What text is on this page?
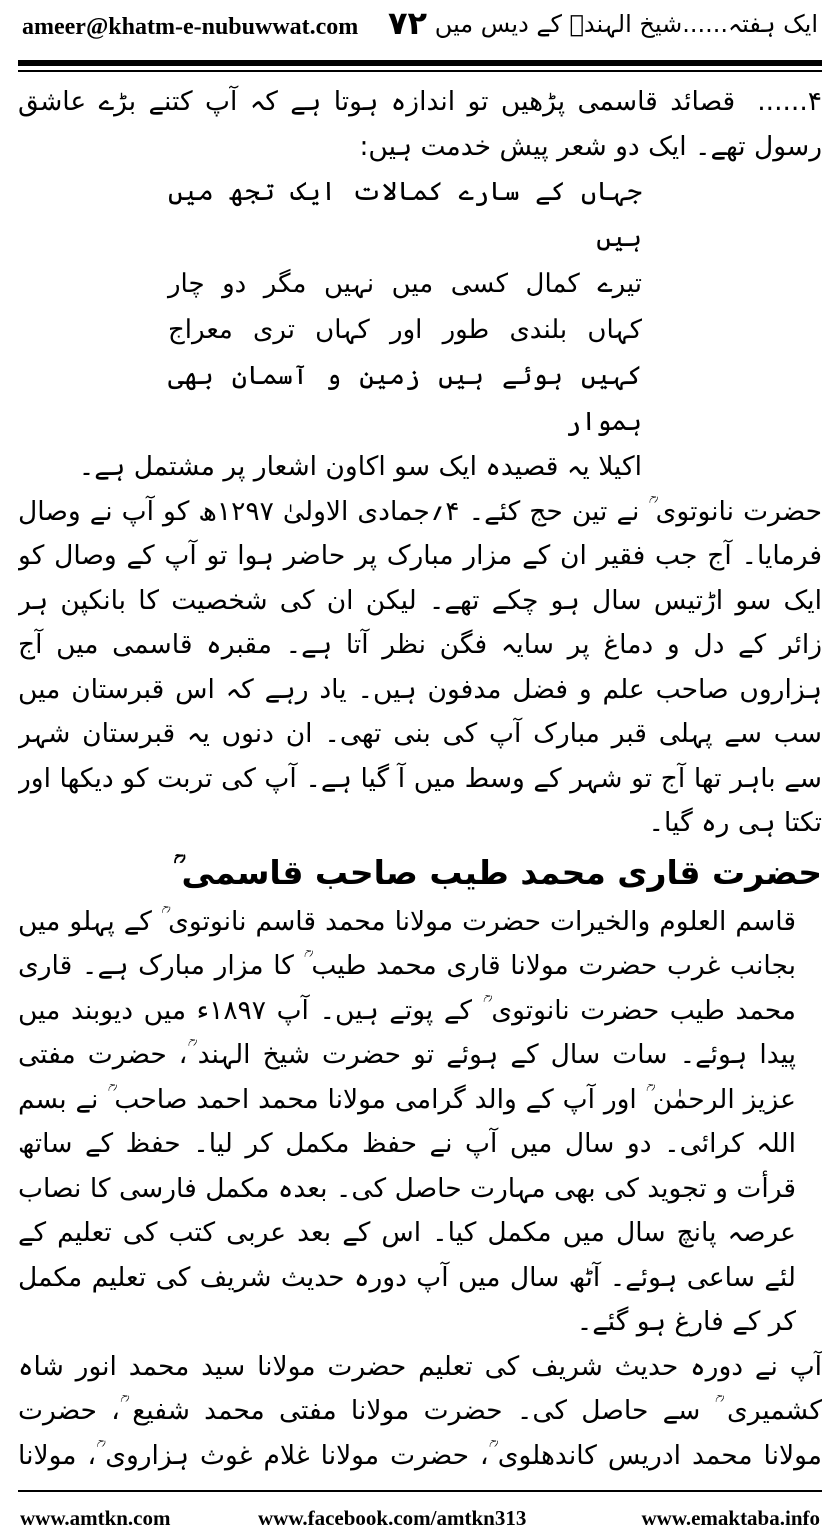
ameer@khatm-e-nubuwwat.com ۷۲ ایک ہفتہ......شیخ الہندؒ کے دیس میں

۴......قصائد قاسمی پڑھیں تو اندازہ ہوتا ہے کہ آپ کتنے بڑے عاشق رسول تھے۔ ایک دو شعر پیش خدمت ہیں:

جہاں کے سارے کمالات ایک تجھ میں ہیں

تیرے کمال کسی میں نہیں مگر دو چار

کہاں بلندی طور اور کہاں تری معراج

کہیں ہوئے ہیں زمین و آسمان بھی ہموار

اکیلا یہ قصیدہ ایک سو اکاون اشعار پر مشتمل ہے۔

حضرت نانوتوی ؒ نے تین حج کئے۔ ۴؍جمادی الاولیٰ ۱۲۹۷ھ کو آپ نے وصال فرمایا۔ آج جب فقیر ان کے مزار مبارک پر حاضر ہوا تو آپ کے وصال کو ایک سو اڑتیس سال ہو چکے تھے۔ لیکن ان کی شخصیت کا بانکپن ہر زائر کے دل و دماغ پر سایہ فگن نظر آتا ہے۔ مقبرہ قاسمی میں آج ہزاروں صاحب علم و فضل مدفون ہیں۔ یاد رہے کہ اس قبرستان میں سب سے پہلی قبر مبارک آپ کی بنی تھی۔ ان دنوں یہ قبرستان شہر سے باہر تھا آج تو شہر کے وسط میں آ گیا ہے۔ آپ کی تربت کو دیکھا اور تکتا ہی رہ گیا۔

حضرت قاری محمد طیب صاحب قاسمی ؒ

قاسم العلوم والخیرات حضرت مولانا محمد قاسم نانوتوی ؒ کے پہلو میں بجانب غرب حضرت مولانا قاری محمد طیب ؒ کا مزار مبارک ہے۔ قاری محمد طیب حضرت نانوتوی ؒ کے پوتے ہیں۔ آپ ۱۸۹۷ء میں دیوبند میں پیدا ہوئے۔ سات سال کے ہوئے تو حضرت شیخ الہند ؒ، حضرت مفتی عزیز الرحمٰن ؒ اور آپ کے والد گرامی مولانا محمد احمد صاحب ؒ نے بسم اللہ کرائی۔ دو سال میں آپ نے حفظ مکمل کر لیا۔ حفظ کے ساتھ قرأت و تجوید کی بھی مہارت حاصل کی۔ بعدہ مکمل فارسی کا نصاب عرصہ پانچ سال میں مکمل کیا۔ اس کے بعد عربی کتب کی تعلیم کے لئے ساعی ہوئے۔ آٹھ سال میں آپ دورہ حدیث شریف کی تعلیم مکمل کر کے فارغ ہو گئے۔

آپ نے دورہ حدیث شریف کی تعلیم حضرت مولانا سید محمد انور شاہ کشمیری ؒ سے حاصل کی۔ حضرت مولانا مفتی محمد شفیع ؒ، حضرت مولانا محمد ادریس کاندھلوی ؒ، حضرت مولانا غلام غوث ہزاروی ؒ، مولانا

www.amtkn.com	www.facebook.com/amtkn313	www.emaktaba.info
